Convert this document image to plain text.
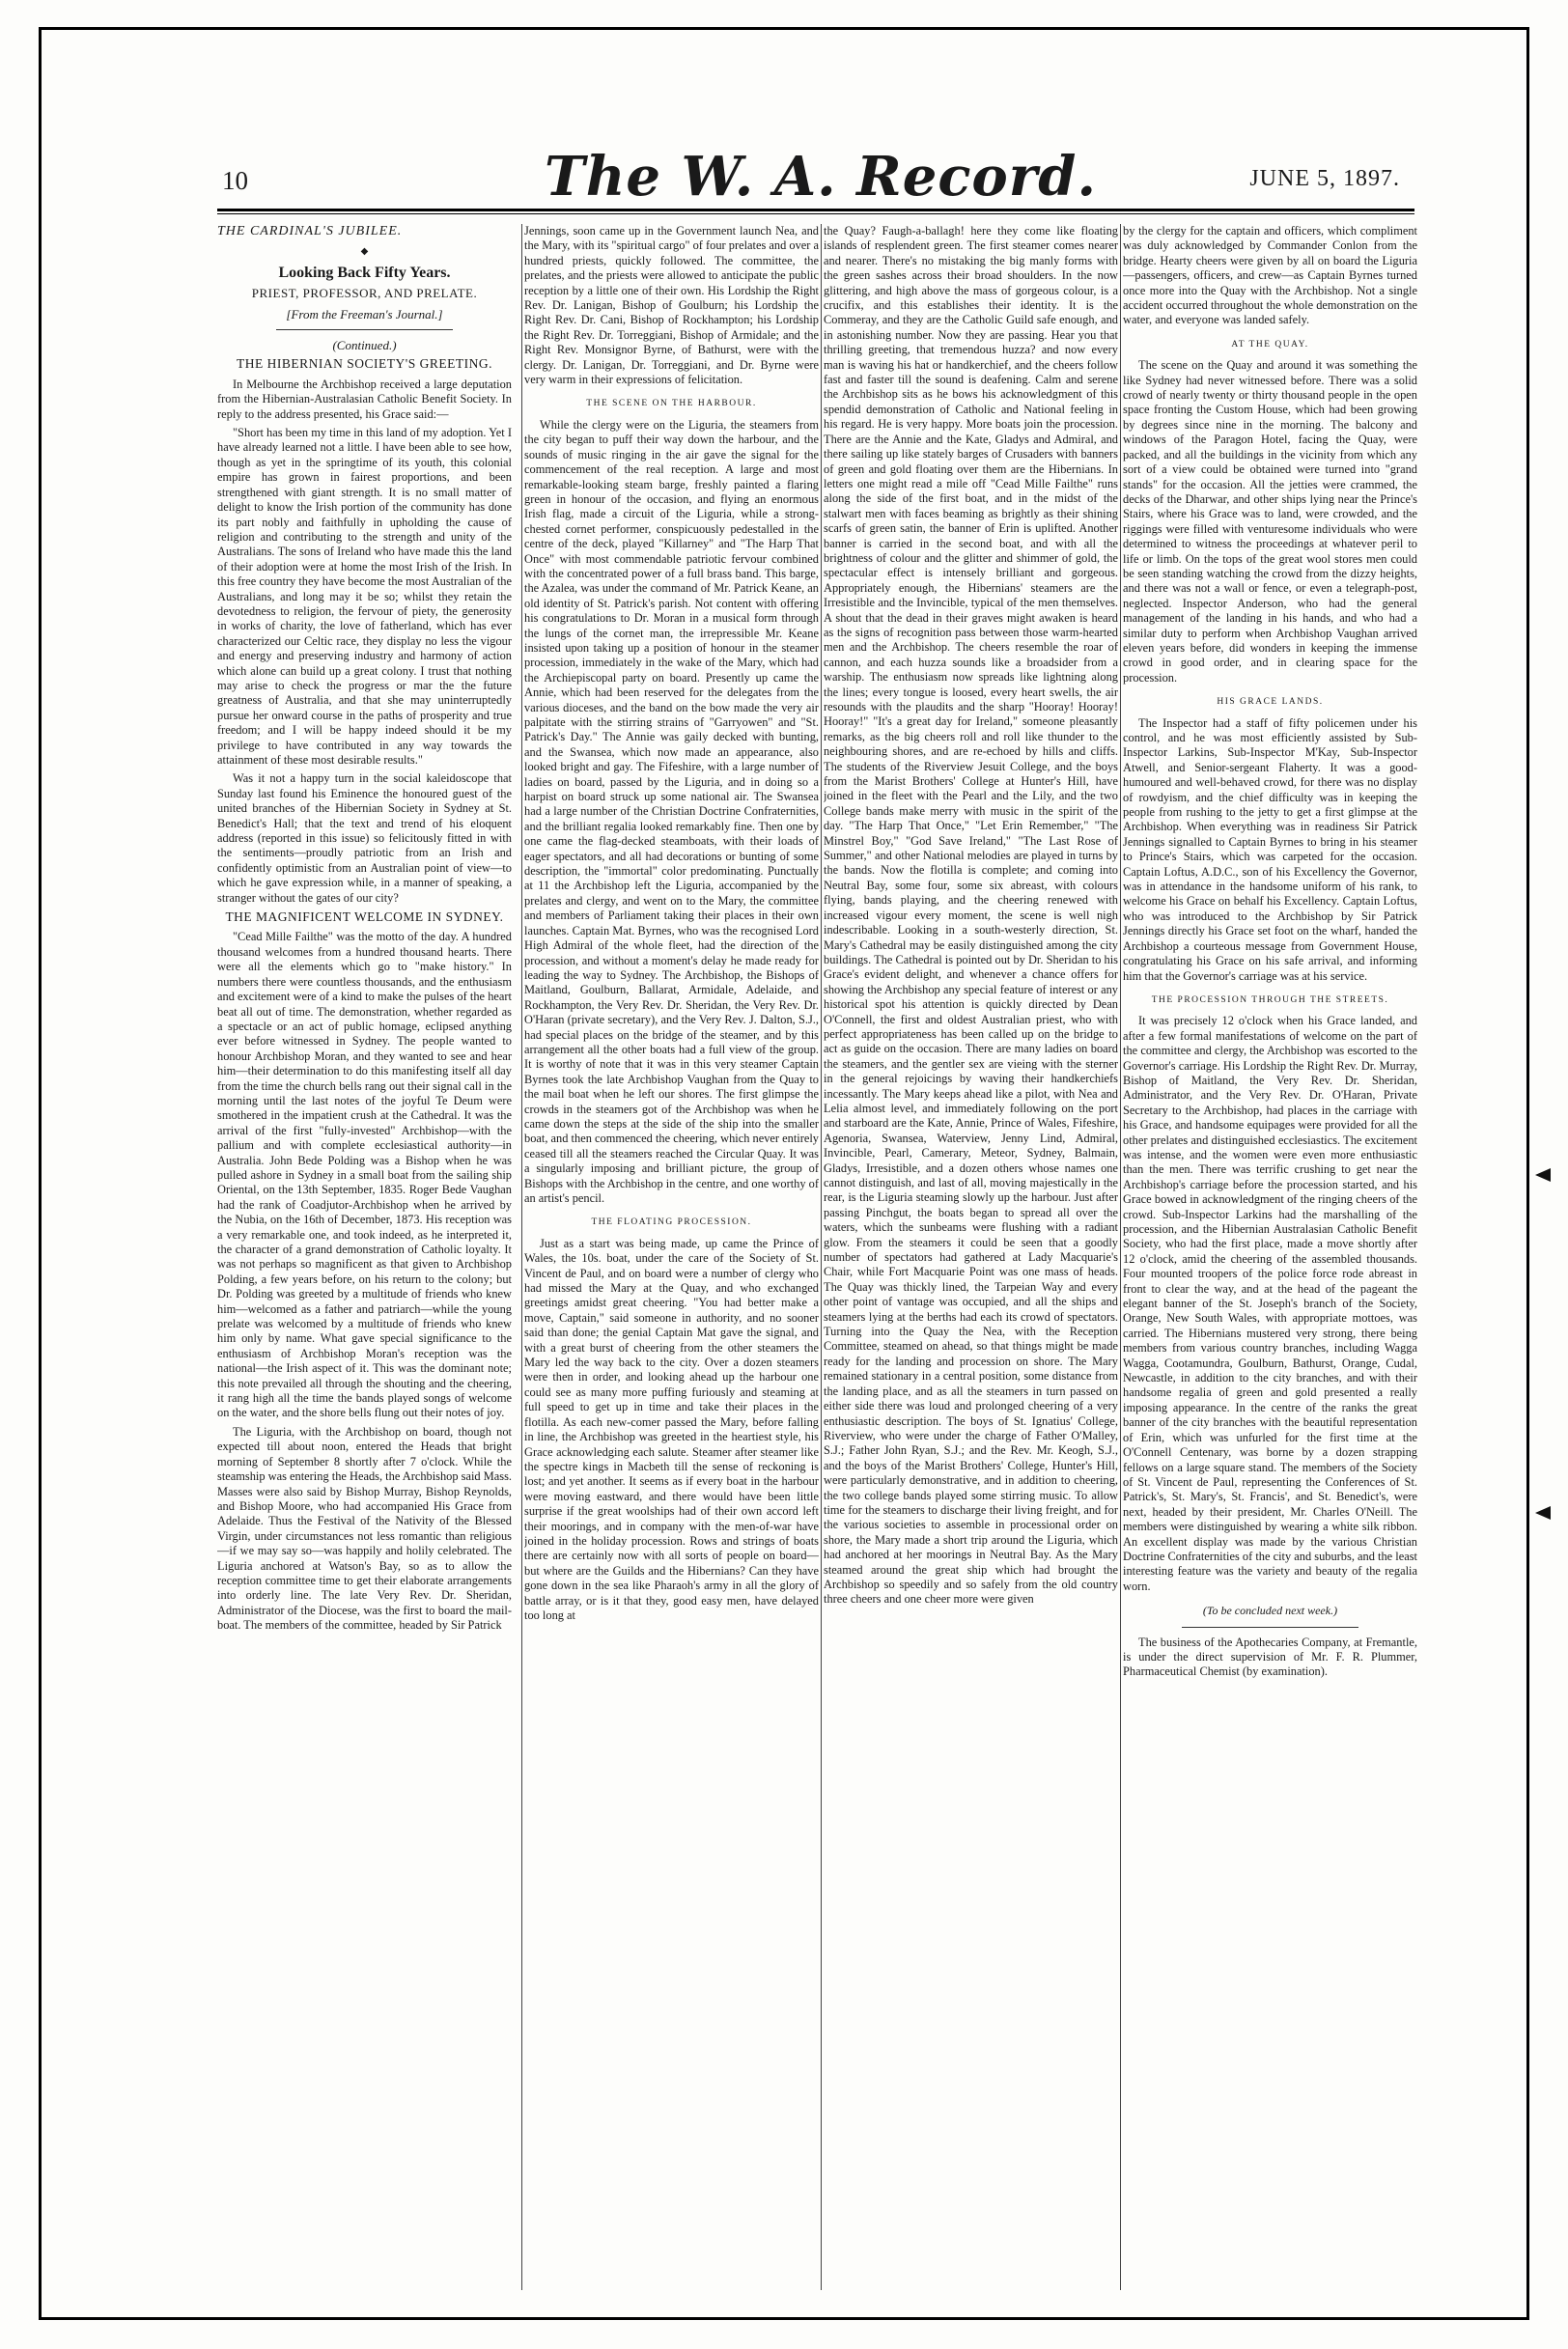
10	The W. A. Record.	JUNE 5, 1897.
THE CARDINAL'S JUBILEE.
◆
Looking Back Fifty Years.
PRIEST, PROFESSOR, AND PRELATE.
[From the Freeman's Journal.]
(Continued.)
THE HIBERNIAN SOCIETY'S GREETING.

In Melbourne the Archbishop received a large deputation from the Hibernian-Australasian Catholic Benefit Society. In reply to the address presented, his Grace said:—

"Short has been my time in this land of my adoption. Yet I have already learned not a little. I have been able to see how, though as yet in the springtime of its youth, this colonial empire has grown in fairest proportions, and been strengthened with giant strength. It is no small matter of delight to know the Irish portion of the community has done its part nobly and faithfully in upholding the cause of religion and contributing to the strength and unity of the Australians. The sons of Ireland who have made this the land of their adoption were at home the most Irish of the Irish. In this free country they have become the most Australian of the Australians, and long may it be so; whilst they retain the devotedness to religion, the fervour of piety, the generosity in works of charity, the love of fatherland, which has ever characterized our Celtic race, they display no less the vigour and energy and preserving industry and harmony of action which alone can build up a great colony. I trust that nothing may arise to check the progress or mar the the future greatness of Australia, and that she may uninterruptedly pursue her onward course in the paths of prosperity and true freedom; and I will be happy indeed should it be my privilege to have contributed in any way towards the attainment of these most desirable results."

Was it not a happy turn in the social kaleidoscope that Sunday last found his Eminence the honoured guest of the united branches of the Hibernian Society in Sydney at St. Benedict's Hall; that the text and trend of his eloquent address (reported in this issue) so felicitously fitted in with the sentiments—proudly patriotic from an Irish and confidently optimistic from an Australian point of view—to which he gave expression while, in a manner of speaking, a stranger without the gates of our city?

THE MAGNIFICENT WELCOME IN SYDNEY.

"Cead Mille Failthe" was the motto of the day. A hundred thousand welcomes from a hundred thousand hearts. There were all the elements which go to "make history." In numbers there were countless thousands, and the enthusiasm and excitement were of a kind to make the pulses of the heart beat all out of time. The demonstration, whether regarded as a spectacle or an act of public homage, eclipsed anything ever before witnessed in Sydney. The people wanted to honour Archbishop Moran, and they wanted to see and hear him—their determination to do this manifesting itself all day from the time the church bells rang out their signal call in the morning until the last notes of the joyful Te Deum were smothered in the impatient crush at the Cathedral. It was the arrival of the first "fully-invested" Archbishop—with the pallium and with complete ecclesiastical authority—in Australia. John Bede Polding was a Bishop when he was pulled ashore in Sydney in a small boat from the sailing ship Oriental, on the 13th September, 1835. Roger Bede Vaughan had the rank of Coadjutor-Archbishop when he arrived by the Nubia, on the 16th of December, 1873. His reception was a very remarkable one, and took indeed, as he interpreted it, the character of a grand demonstration of Catholic loyalty. It was not perhaps so magnificent as that given to Archbishop Polding, a few years before, on his return to the colony; but Dr. Polding was greeted by a multitude of friends who knew him—welcomed as a father and patriarch—while the young prelate was welcomed by a multitude of friends who knew him only by name. What gave special significance to the enthusiasm of Archbishop Moran's reception was the national—the Irish aspect of it. This was the dominant note; this note prevailed all through the shouting and the cheering, it rang high all the time the bands played songs of welcome on the water, and the shore bells flung out their notes of joy.

The Liguria, with the Archbishop on board, though not expected till about noon, entered the Heads that bright morning of September 8 shortly after 7 o'clock. While the steamship was entering the Heads, the Archbishop said Mass. Masses were also said by Bishop Murray, Bishop Reynolds, and Bishop Moore, who had accompanied His Grace from Adelaide. Thus the Festival of the Nativity of the Blessed Virgin, under circumstances not less romantic than religious—if we may say so—was happily and holily celebrated. The Liguria anchored at Watson's Bay, so as to allow the reception committee time to get their elaborate arrangements into orderly line. The late Very Rev. Dr. Sheridan, Administrator of the Diocese, was the first to board the mail-boat. The members of the committee, headed by Sir Patrick

Jennings, soon came up in the Government launch Nea, and the Mary, with its "spiritual cargo" of four prelates and over a hundred priests, quickly followed. The committee, the prelates, and the priests were allowed to anticipate the public reception by a little one of their own. His Lordship the Right Rev. Dr. Lanigan, Bishop of Goulburn; his Lordship the Right Rev. Dr. Cani, Bishop of Rockhampton; his Lordship the Right Rev. Dr. Torreggiani, Bishop of Armidale; and the Right Rev. Monsignor Byrne, of Bathurst, were with the clergy. Dr. Lanigan, Dr. Torreggiani, and Dr. Byrne were very warm in their expressions of felicitation.

THE SCENE ON THE HARBOUR.

While the clergy were on the Liguria, the steamers from the city began to puff their way down the harbour, and the sounds of music ringing in the air gave the signal for the commencement of the real reception. A large and most remarkable-looking steam barge, freshly painted a flaring green in honour of the occasion, and flying an enormous Irish flag, made a circuit of the Liguria, while a strong-chested cornet performer, conspicuously pedestalled in the centre of the deck, played "Killarney" and "The Harp That Once" with most commendable patriotic fervour combined with the concentrated power of a full brass band. This barge, the Azalea, was under the command of Mr. Patrick Keane, an old identity of St. Patrick's parish. Not content with offering his congratulations to Dr. Moran in a musical form through the lungs of the cornet man, the irrepressible Mr. Keane insisted upon taking up a position of honour in the steamer procession, immediately in the wake of the Mary, which had the Archiepiscopal party on board. Presently up came the Annie, which had been reserved for the delegates from the various dioceses, and the band on the bow made the very air palpitate with the stirring strains of "Garryowen" and "St. Patrick's Day." The Annie was gaily decked with bunting, and the Swansea, which now made an appearance, also looked bright and gay. The Fifeshire, with a large number of ladies on board, passed by the Liguria, and in doing so a harpist on board struck up some national air. The Swansea had a large number of the Christian Doctrine Confraternities, and the brilliant regalia looked remarkably fine. Then one by one came the flag-decked steamboats, with their loads of eager spectators, and all had decorations or bunting of some description, the "immortal" color predominating. Punctually at 11 the Archbishop left the Liguria, accompanied by the prelates and clergy, and went on to the Mary, the committee and members of Parliament taking their places in their own launches. Captain Mat. Byrnes, who was the recognised Lord High Admiral of the whole fleet, had the direction of the procession, and without a moment's delay he made ready for leading the way to Sydney. The Archbishop, the Bishops of Maitland, Goulburn, Ballarat, Armidale, Adelaide, and Rockhampton, the Very Rev. Dr. Sheridan, the Very Rev. Dr. O'Haran (private secretary), and the Very Rev. J. Dalton, S.J., had special places on the bridge of the steamer, and by this arrangement all the other boats had a full view of the group. It is worthy of note that it was in this very steamer Captain Byrnes took the late Archbishop Vaughan from the Quay to the mail boat when he left our shores. The first glimpse the crowds in the steamers got of the Archbishop was when he came down the steps at the side of the ship into the smaller boat, and then commenced the cheering, which never entirely ceased till all the steamers reached the Circular Quay. It was a singularly imposing and brilliant picture, the group of Bishops with the Archbishop in the centre, and one worthy of an artist's pencil.

THE FLOATING PROCESSION.

Just as a start was being made, up came the Prince of Wales, the 10s. boat, under the care of the Society of St. Vincent de Paul, and on board were a number of clergy who had missed the Mary at the Quay, and who exchanged greetings amidst great cheering. "You had better make a move, Captain," said someone in authority, and no sooner said than done; the genial Captain Mat gave the signal, and with a great burst of cheering from the other steamers the Mary led the way back to the city. Over a dozen steamers were then in order, and looking ahead up the harbour one could see as many more puffing furiously and steaming at full speed to get up in time and take their places in the flotilla. As each new-comer passed the Mary, before falling in line, the Archbishop was greeted in the heartiest style, his Grace acknowledging each salute. Steamer after steamer like the spectre kings in Macbeth till the sense of reckoning is lost; and yet another. It seems as if every boat in the harbour were moving eastward, and there would have been little surprise if the great woolships had of their own accord left their moorings, and in company with the men-of-war have joined in the holiday procession. Rows and strings of boats there are certainly now with all sorts of people on board—but where are the Guilds and the Hibernians? Can they have gone down in the sea like Pharaoh's army in all the glory of battle array, or is it that they, good easy men, have delayed too long at

the Quay? Faugh-a-ballagh! here they come like floating islands of resplendent green. The first steamer comes nearer and nearer. There's no mistaking the big manly forms with the green sashes across their broad shoulders. In the now glittering, and high above the mass of gorgeous colour, is a crucifix, and this establishes their identity. It is the Commeray, and they are the Catholic Guild safe enough, and in astonishing number. Now they are passing. Hear you that thrilling greeting, that tremendous huzza? and now every man is waving his hat or handkerchief, and the cheers follow fast and faster till the sound is deafening. Calm and serene the Archbishop sits as he bows his acknowledgment of this spendid demonstration of Catholic and National feeling in his regard. He is very happy. More boats join the procession. There are the Annie and the Kate, Gladys and Admiral, and there sailing up like stately barges of Crusaders with banners of green and gold floating over them are the Hibernians. In letters one might read a mile off "Cead Mille Failthe" runs along the side of the first boat, and in the midst of the stalwart men with faces beaming as brightly as their shining scarfs of green satin, the banner of Erin is uplifted. Another banner is carried in the second boat, and with all the brightness of colour and the glitter and shimmer of gold, the spectacular effect is intensely brilliant and gorgeous. Appropriately enough, the Hibernians' steamers are the Irresistible and the Invincible, typical of the men themselves. A shout that the dead in their graves might awaken is heard as the signs of recognition pass between those warm-hearted men and the Archbishop. The cheers resemble the roar of cannon, and each huzza sounds like a broadsider from a warship. The enthusiasm now spreads like lightning along the lines; every tongue is loosed, every heart swells, the air resounds with the plaudits and the sharp "Hooray! Hooray! Hooray!" "It's a great day for Ireland," someone pleasantly remarks, as the big cheers roll and roll like thunder to the neighbouring shores, and are re-echoed by hills and cliffs. The students of the Riverview Jesuit College, and the boys from the Marist Brothers' College at Hunter's Hill, have joined in the fleet with the Pearl and the Lily, and the two College bands make merry with music in the spirit of the day. "The Harp That Once," "Let Erin Remember," "The Minstrel Boy," "God Save Ireland," "The Last Rose of Summer," and other National melodies are played in turns by the bands. Now the flotilla is complete; and coming into Neutral Bay, some four, some six abreast, with colours flying, bands playing, and the cheering renewed with increased vigour every moment, the scene is well nigh indescribable. Looking in a south-westerly direction, St. Mary's Cathedral may be easily distinguished among the city buildings. The Cathedral is pointed out by Dr. Sheridan to his Grace's evident delight, and whenever a chance offers for showing the Archbishop any special feature of interest or any historical spot his attention is quickly directed by Dean O'Connell, the first and oldest Australian priest, who with perfect appropriateness has been called up on the bridge to act as guide on the occasion. There are many ladies on board the steamers, and the gentler sex are vieing with the sterner in the general rejoicings by waving their handkerchiefs incessantly. The Mary keeps ahead like a pilot, with Nea and Lelia almost level, and immediately following on the port and starboard are the Kate, Annie, Prince of Wales, Fifeshire, Agenoria, Swansea, Waterview, Jenny Lind, Admiral, Invincible, Pearl, Camerary, Meteor, Sydney, Balmain, Gladys, Irresistible, and a dozen others whose names one cannot distinguish, and last of all, moving majestically in the rear, is the Liguria steaming slowly up the harbour. Just after passing Pinchgut, the boats began to spread all over the waters, which the sunbeams were flushing with a radiant glow. From the steamers it could be seen that a goodly number of spectators had gathered at Lady Macquarie's Chair, while Fort Macquarie Point was one mass of heads. The Quay was thickly lined, the Tarpeian Way and every other point of vantage was occupied, and all the ships and steamers lying at the berths had each its crowd of spectators. Turning into the Quay the Nea, with the Reception Committee, steamed on ahead, so that things might be made ready for the landing and procession on shore. The Mary remained stationary in a central position, some distance from the landing place, and as all the steamers in turn passed on either side there was loud and prolonged cheering of a very enthusiastic description. The boys of St. Ignatius' College, Riverview, who were under the charge of Father O'Malley, S.J.; Father John Ryan, S.J.; and the Rev. Mr. Keogh, S.J., and the boys of the Marist Brothers' College, Hunter's Hill, were particularly demonstrative, and in addition to cheering, the two college bands played some stirring music. To allow time for the steamers to discharge their living freight, and for the various societies to assemble in processional order on shore, the Mary made a short trip around the Liguria, which had anchored at her moorings in Neutral Bay. As the Mary steamed around the great ship which had brought the Archbishop so speedily and so safely from the old country three cheers and one cheer more were given

by the clergy for the captain and officers, which compliment was duly acknowledged by Commander Conlon from the bridge. Hearty cheers were given by all on board the Liguria—passengers, officers, and crew—as Captain Byrnes turned once more into the Quay with the Archbishop. Not a single accident occurred throughout the whole demonstration on the water, and everyone was landed safely.

AT THE QUAY.

The scene on the Quay and around it was something the like Sydney had never witnessed before. There was a solid crowd of nearly twenty or thirty thousand people in the open space fronting the Custom House, which had been growing by degrees since nine in the morning. The balcony and windows of the Paragon Hotel, facing the Quay, were packed, and all the buildings in the vicinity from which any sort of a view could be obtained were turned into "grand stands" for the occasion. All the jetties were crammed, the decks of the Dharwar, and other ships lying near the Prince's Stairs, where his Grace was to land, were crowded, and the riggings were filled with venturesome individuals who were determined to witness the proceedings at whatever peril to life or limb. On the tops of the great wool stores men could be seen standing watching the crowd from the dizzy heights, and there was not a wall or fence, or even a telegraph-post, neglected. Inspector Anderson, who had the general management of the landing in his hands, and who had a similar duty to perform when Archbishop Vaughan arrived eleven years before, did wonders in keeping the immense crowd in good order, and in clearing space for the procession.

HIS GRACE LANDS.

The Inspector had a staff of fifty policemen under his control, and he was most efficiently assisted by Sub-Inspector Larkins, Sub-Inspector M'Kay, Sub-Inspector Atwell, and Senior-sergeant Flaherty. It was a good-humoured and well-behaved crowd, for there was no display of rowdyism, and the chief difficulty was in keeping the people from rushing to the jetty to get a first glimpse at the Archbishop. When everything was in readiness Sir Patrick Jennings signalled to Captain Byrnes to bring in his steamer to Prince's Stairs, which was carpeted for the occasion. Captain Loftus, A.D.C., son of his Excellency the Governor, was in attendance in the handsome uniform of his rank, to welcome his Grace on behalf his Excellency. Captain Loftus, who was introduced to the Archbishop by Sir Patrick Jennings directly his Grace set foot on the wharf, handed the Archbishop a courteous message from Government House, congratulating his Grace on his safe arrival, and informing him that the Governor's carriage was at his service.

THE PROCESSION THROUGH THE STREETS.

It was precisely 12 o'clock when his Grace landed, and after a few formal manifestations of welcome on the part of the committee and clergy, the Archbishop was escorted to the Governor's carriage. His Lordship the Right Rev. Dr. Murray, Bishop of Maitland, the Very Rev. Dr. Sheridan, Administrator, and the Very Rev. Dr. O'Haran, Private Secretary to the Archbishop, had places in the carriage with his Grace, and handsome equipages were provided for all the other prelates and distinguished ecclesiastics. The excitement was intense, and the women were even more enthusiastic than the men. There was terrific crushing to get near the Archbishop's carriage before the procession started, and his Grace bowed in acknowledgment of the ringing cheers of the crowd. Sub-Inspector Larkins had the marshalling of the procession, and the Hibernian Australasian Catholic Benefit Society, who had the first place, made a move shortly after 12 o'clock, amid the cheering of the assembled thousands. Four mounted troopers of the police force rode abreast in front to clear the way, and at the head of the pageant the elegant banner of the St. Joseph's branch of the Society, Orange, New South Wales, with appropriate mottoes, was carried. The Hibernians mustered very strong, there being members from various country branches, including Wagga Wagga, Cootamundra, Goulburn, Bathurst, Orange, Cudal, Newcastle, in addition to the city branches, and with their handsome regalia of green and gold presented a really imposing appearance. In the centre of the ranks the great banner of the city branches with the beautiful representation of Erin, which was unfurled for the first time at the O'Connell Centenary, was borne by a dozen strapping fellows on a large square stand. The members of the Society of St. Vincent de Paul, representing the Conferences of St. Patrick's, St. Mary's, St. Francis', and St. Benedict's, were next, headed by their president, Mr. Charles O'Neill. The members were distinguished by wearing a white silk ribbon. An excellent display was made by the various Christian Doctrine Confraternities of the city and suburbs, and the least interesting feature was the variety and beauty of the regalia worn.

(To be concluded next week.)

The business of the Apothecaries Company, at Fremantle, is under the direct supervision of Mr. F. R. Plummer, Pharmaceutical Chemist (by examination).
